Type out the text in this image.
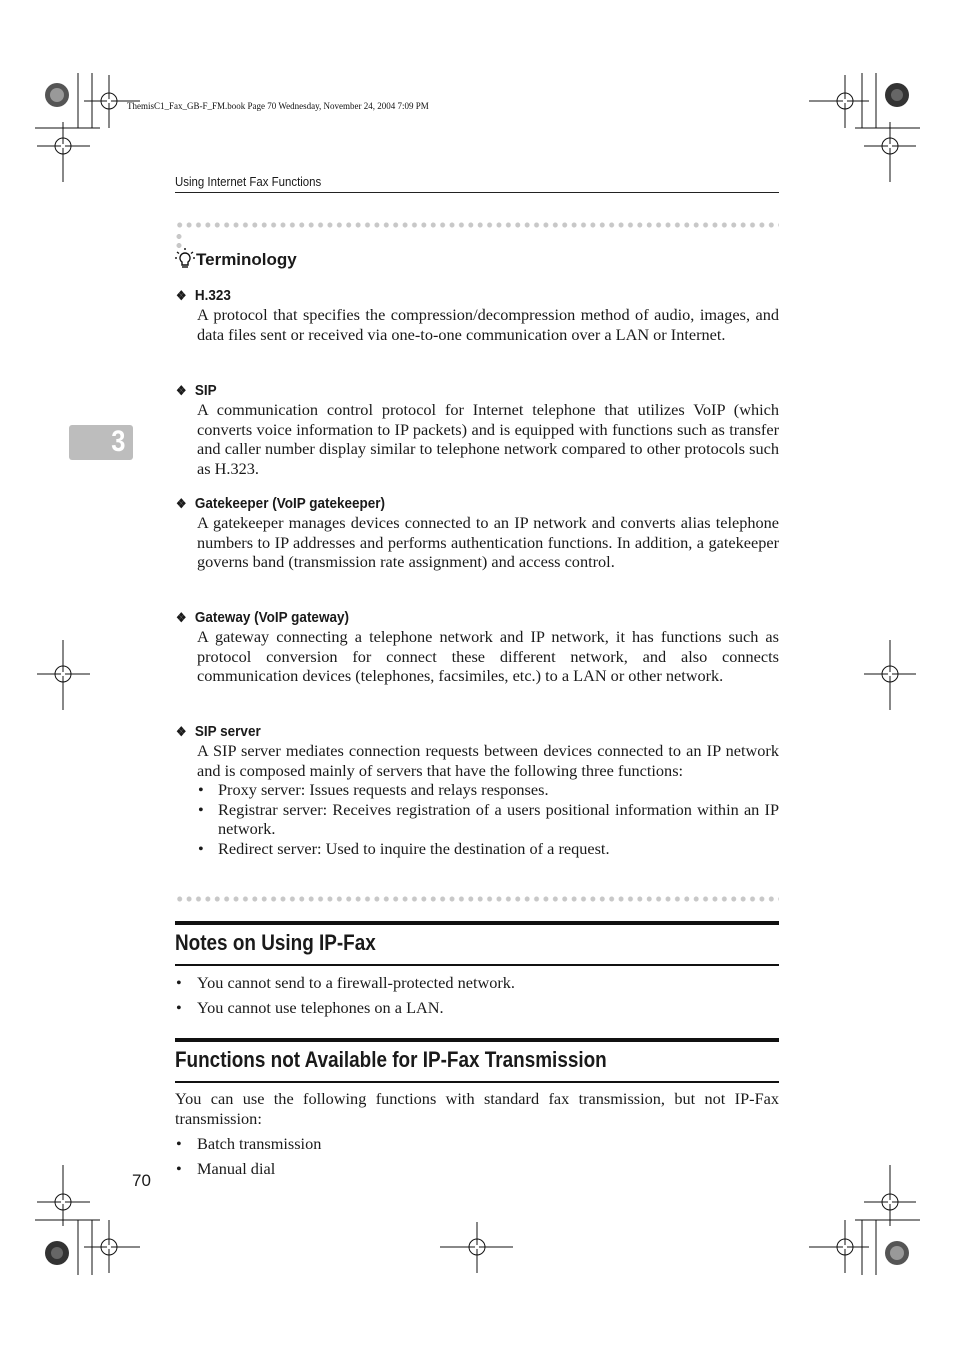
ThemisC1_Fax_GB-F_FM.book Page 70 Wednesday, November 24, 2004 7:09 PM
Using Internet Fax Functions
3
Terminology
❖ H.323
A protocol that specifies the compression/decompression method of audio, images, and data files sent or received via one-to-one communication over a LAN or Internet.
❖ SIP
A communication control protocol for Internet telephone that utilizes VoIP (which converts voice information to IP packets) and is equipped with functions such as transfer and caller number display similar to telephone network compared to other protocols such as H.323.
❖ Gatekeeper (VoIP gatekeeper)
A gatekeeper manages devices connected to an IP network and converts alias telephone numbers to IP addresses and performs authentication functions. In addition, a gatekeeper governs band (transmission rate assignment) and access control.
❖ Gateway (VoIP gateway)
A gateway connecting a telephone network and IP network, it has functions such as protocol conversion for connect these different network, and also connects communication devices (telephones, facsimiles, etc.) to a LAN or other network.
❖ SIP server
A SIP server mediates connection requests between devices connected to an IP network and is composed mainly of servers that have the following three functions:
• Proxy server: Issues requests and relays responses.
• Registrar server: Receives registration of a users positional information within an IP network.
• Redirect server: Used to inquire the destination of a request.
Notes on Using IP-Fax
• You cannot send to a firewall-protected network.
• You cannot use telephones on a LAN.
Functions not Available for IP-Fax Transmission
You can use the following functions with standard fax transmission, but not IP-Fax transmission:
• Batch transmission
• Manual dial
70
